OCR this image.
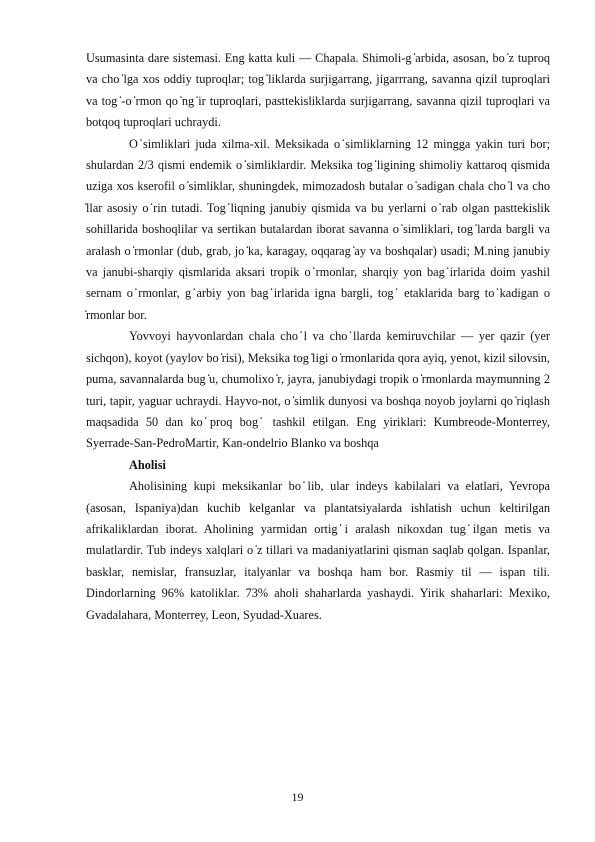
Usumasinta dare sistemasi. Eng katta kuli — Chapala. Shimoli-g ̒arbida, asosan, bo ̒z tuproq va cho ̒lga xos oddiy tuproqlar; tog ̒liklarda surjigarrang, jigarrrang, savanna qizil tuproqlari va tog ̒-o ̒rmon qo ̒ng ̒ir tuproqlari, pasttekisliklarda surjigarrang, savanna qizil tuproqlari va botqoq tuproqlari uchraydi.

O ̒simliklari juda xilma-xil. Meksikada o ̒simliklarning 12 mingga yakin turi bor; shulardan 2/3 qismi endemik o ̒simliklardir. Meksika tog ̒ligining shimoliy kattaroq qismida uziga xos kserofil o ̒simliklar, shuningdek, mimozadosh butalar o ̒sadigan chala cho ̒l va cho ̒llar asosiy o ̒rin tutadi. Tog ̒liqning janubiy qismida va bu yerlarni o ̒rab olgan pasttekislik sohillarida boshoqlilar va sertikan butalardan iborat savanna o ̒simliklari, tog ̒larda bargli va aralash o ̒rmonlar (dub, grab, jo ̒ka, karagay, oqqarag ̒ay va boshqalar) usadi; M.ning janubiy va janubi-sharqiy qismlarida aksari tropik o ̒rmonlar, sharqiy yon bag ̒irlarida doim yashil sernam o ̒rmonlar, g ̒arbiy yon bag ̒irlarida igna bargli, tog ̒ etaklarida barg to ̒kadigan o ̒rmonlar bor.

Yovvoyi hayvonlardan chala cho ̒l va cho ̒llarda kemiruvchilar — yer qazir (yer sichqon), koyot (yaylov bo ̒risi), Meksika tog ̒ligi o ̒rmonlarida qora ayiq, yenot, kizil silovsin, puma, savannalarda bug ̒u, chumolixo ̒r, jayra, janubiydagi tropik o ̒rmonlarda maymunning 2 turi, tapir, yaguar uchraydi. Hayvo-not, o ̒simlik dunyosi va boshqa noyob joylarni qo ̒riqlash maqsadida 50 dan ko ̒proq bog ̒ tashkil etilgan. Eng yiriklari: Kumbreode-Monterrey, Syerrade-San-PedroMartir, Kan-ondelrio Blanko va boshqa

Aholisi

Aholisining kupi meksikanlar bo ̒lib, ular indeys kabilalari va elatlari, Yevropa (asosan, Ispaniya)dan kuchib kelganlar va plantatsiyalarda ishlatish uchun keltirilgan afrikaliklardan iborat. Aholining yarmidan ortig ̒i aralash nikoxdan tug ̒ilgan metis va mulatlardir. Tub indeys xalqlari o ̒z tillari va madaniyatlarini qisman saqlab qolgan. Ispanlar, basklar, nemislar, fransuzlar, italyanlar va boshqa ham bor. Rasmiy til — ispan tili. Dindorlarning 96% katoliklar. 73% aholi shaharlarda yashaydi. Yirik shaharlari: Mexiko, Gvadalahara, Monterrey, Leon, Syudad-Xuares.

19
